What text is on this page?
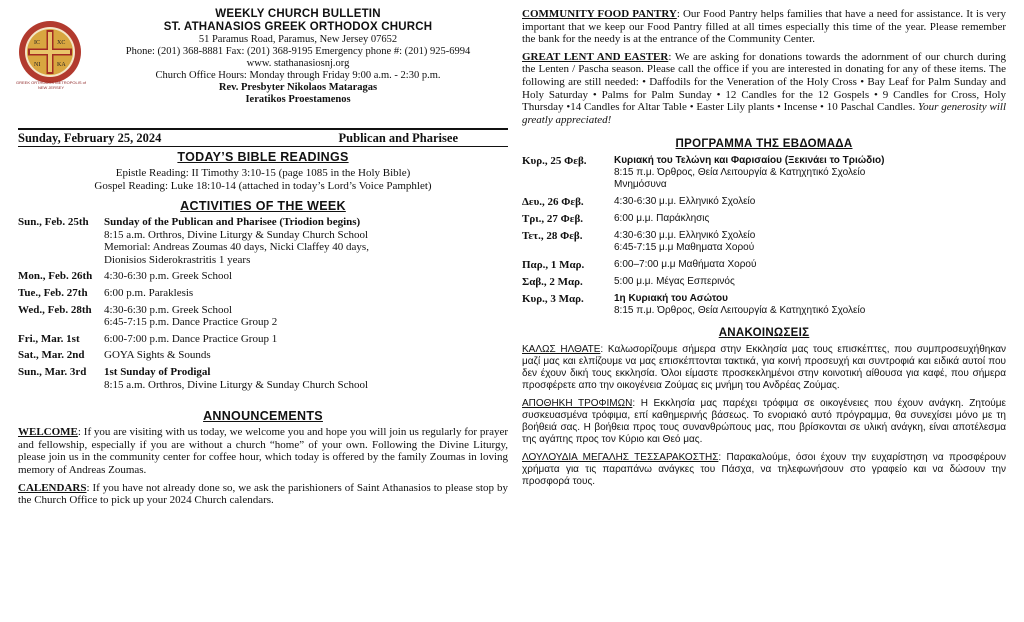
IC	XC
NI	KA
GREEK ORTHODOX METROPOLIS of NEW JERSEY
WEEKLY CHURCH BULLETIN
ST. ATHANASIOS GREEK ORTHODOX CHURCH
51 Paramus Road, Paramus, New Jersey 07652
Phone: (201) 368-8881 Fax: (201) 368-9195 Emergency phone #: (201) 925-6994
www. stathanasiosnj.org
Church Office Hours: Monday through Friday 9:00 a.m. - 2:30 p.m.
Rev. Presbyter Nikolaos Mataragas
Ieratikos Proestamenos
Sunday, February 25, 2024	Publican and Pharisee
TODAY’S BIBLE READINGS
Epistle Reading: II Timothy 3:10-15 (page 1085 in the Holy Bible)
Gospel Reading: Luke 18:10-14 (attached in today’s Lord’s Voice Pamphlet)
ACTIVITIES OF THE WEEK
Sun., Feb. 25th	Sunday of the Publican and Pharisee (Triodion begins)
8:15 a.m. Orthros, Divine Liturgy & Sunday Church School
Memorial: Andreas Zoumas 40 days, Nicki Claffey 40 days,
Dionisios Siderokrastritis 1 years

Mon., Feb. 26th	4:30-6:30 p.m. Greek School
Tue., Feb. 27th	6:00 p.m. Paraklesis
Wed., Feb. 28th	4:30-6:30 p.m. Greek School
6:45-7:15 p.m. Dance Practice Group 2

Fri., Mar. 1st	6:00-7:00 p.m. Dance Practice Group 1
Sat., Mar. 2nd	GOYA Sights & Sounds
Sun., Mar. 3rd	1st Sunday of Prodigal
8:15 a.m. Orthros, Divine Liturgy & Sunday Church School
ANNOUNCEMENTS

WELCOME: If you are visiting with us today, we welcome you and hope you will join us regularly for prayer and fellowship, especially if you are without a church “home” of your own. Following the Divine Liturgy, please join us in the community center for coffee hour, which today is offered by the family Zoumas in loving memory of Andreas Zoumas.

CALENDARS: If you have not already done so, we ask the parishioners of Saint Athanasios to please stop by the Church Office to pick up your 2024 Church calendars.

COMMUNITY FOOD PANTRY: Our Food Pantry helps families that have a need for assistance. It is very important that we keep our Food Pantry filled at all times especially this time of the year. Please remember the bank for the needy is at the entrance of the Community Center.

GREAT LENT AND EASTER: We are asking for donations towards the adornment of our church during the Lenten / Pascha season. Please call the office if you are interested in donating for any of these items. The following are still needed: • Daffodils for the Veneration of the Holy Cross • Bay Leaf for Palm Sunday and Holy Saturday • Palms for Palm Sunday • 12 Candles for the 12 Gospels • 9 Candles for Cross, Holy Thursday •14 Candles for Altar Table • Easter Lily plants • Incense • 10 Paschal Candles. Your generosity will greatly appreciated!

ΠΡΟΓΡΑΜΜΑ ΤΗΣ ΕΒΔΟΜΑΔΑ
Κυρ., 25 Φεβ.	Κυριακή του Τελώνη και Φαρισαίου (Ξεκινάει το Τριώδιο)
8:15 π.μ. Όρθρος, Θεία Λειτουργία & Κατηχητικό Σχολείο
Μνημόσυνα

Δευ., 26 Φεβ.	4:30-6:30 μ.μ. Ελληνικό Σχολείο
Τρι., 27 Φεβ.	6:00 μ.μ. Παράκλησις
Τετ., 28 Φεβ.	4:30-6:30 μ.μ. Ελληνικό Σχολείο
6:45-7:15 μ.μ Μαθηματα Χορού

Παρ., 1 Μαρ.	6:00–7:00 μ.μ Μαθήματα Χορού
Σαβ., 2 Μαρ.	5:00 μ.μ. Μέγας Εσπερινός
Κυρ., 3 Μαρ.	1η Κυριακή του Ασώτου
8:15 π.μ. Όρθρος, Θεία Λειτουργία & Κατηχητικό Σχολείο
ΑΝΑΚΟΙΝΩΣΕΙΣ

ΚΑΛΩΣ ΗΛΘΑΤΕ: Καλωσορίζουμε σήμερα στην Εκκλησία μας τους επισκέπτες, που συμπροσευχήθηκαν μαζί μας και ελπίζουμε να μας επισκέπτονται τακτικά, για κοινή προσευχή και συντροφιά και ειδικά αυτοί που δεν έχουν δική τους εκκλησία. Όλοι είμαστε προσκεκλημένοι στην κοινοτική αίθουσα για καφέ, που σήμερα προσφέρετε απο την οικογένεια Ζούμας εις μνήμη του Ανδρέας Ζούμας.

ΑΠΟΘΗΚΗ ΤΡΟΦΙΜΩΝ: Η Εκκλησία μας παρέχει τρόφιμα σε οικογένειες που έχουν ανάγκη. Ζητούμε συσκευασμένα τρόφιμα, επί καθημερινής βάσεως. Το ενοριακό αυτό πρόγραμμα, θα συνεχίσει μόνο με τη βοήθειά σας. Η βοήθεια προς τους συνανθρώπους μας, που βρίσκονται σε υλική ανάγκη, είναι αποτέλεσμα της αγάπης προς τον Κύριο και Θεό μας.

ΛΟΥΛΟΥΔΙΑ ΜΕΓΑΛΗΣ ΤΕΣΣΑΡΑΚΟΣΤΗΣ: Παρακαλούμε, όσοι έχουν την ευχαρίστηση να προσφέρουν χρήματα για τις παραπάνω ανάγκες του Πάσχα, να τηλεφωνήσουν στο γραφείο και να δώσουν την προσφορά τους.
